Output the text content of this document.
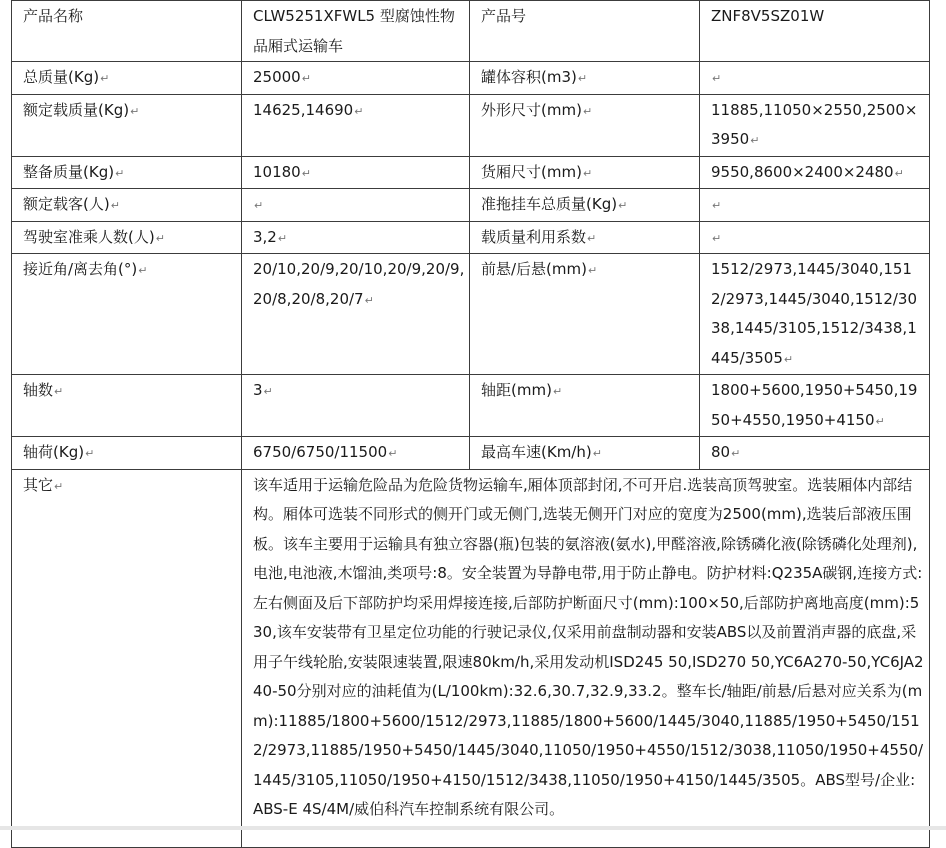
产品名称	CLW5251XFWL5 型腐蚀性物品厢式运输车	产品号	ZNF8V5SZ01W
总质量(Kg)↵	25000↵	罐体容积(m3)↵	↵
额定载质量(Kg)↵	14625,14690↵	外形尺寸(mm)↵	11885,11050×2550,2500×3950↵
整备质量(Kg)↵	10180↵	货厢尺寸(mm)↵	9550,8600×2400×2480↵
额定载客(人)↵	↵	准拖挂车总质量(Kg)↵	↵
驾驶室准乘人数(人)↵	3,2↵	载质量利用系数↵	↵
接近角/离去角(°)↵	20/10,20/9,20/10,20/9,20/9,20/8,20/8,20/7↵	前悬/后悬(mm)↵	1512/2973,1445/3040,1512/2973,1445/3040,1512/3038,1445/3105,1512/3438,1445/3505↵
轴数↵	3↵	轴距(mm)↵	1800+5600,1950+5450,1950+4550,1950+4150↵
轴荷(Kg)↵	6750/6750/11500↵	最高车速(Km/h)↵	80↵
其它↵	该车适用于运输危险品为危险货物运输车,厢体顶部封闭,不可开启.选装高顶驾驶室。选装厢体内部结构。厢体可选装不同形式的侧开门或无侧门,选装无侧开门对应的宽度为2500(mm),选装后部液压围板。该车主要用于运输具有独立容器(瓶)包装的氨溶液(氨水),甲醛溶液,除锈磷化液(除锈磷化处理剂),电池,电池液,木馏油,类项号:8。安全装置为导静电带,用于防止静电。防护材料:Q235A碳钢,连接方式:左右侧面及后下部防护均采用焊接连接,后部防护断面尺寸(mm):100×50,后部防护离地高度(mm):530,该车安装带有卫星定位功能的行驶记录仪,仅采用前盘制动器和安装ABS以及前置消声器的底盘,采用子午线轮胎,安装限速装置,限速80km/h,采用发动机ISD245 50,ISD270 50,YC6A270-50,YC6JA240-50分别对应的油耗值为(L/100km):32.6,30.7,32.9,33.2。整车长/轴距/前悬/后悬对应关系为(mm):11885/1800+5600/1512/2973,11885/1800+5600/1445/3040,11885/1950+5450/1512/2973,11885/1950+5450/1445/3040,11050/1950+4550/1512/3038,11050/1950+4550/1445/3105,11050/1950+4150/1512/3438,11050/1950+4150/1445/3505。ABS型号/企业:ABS-E 4S/4M/威伯科汽车控制系统有限公司。		
